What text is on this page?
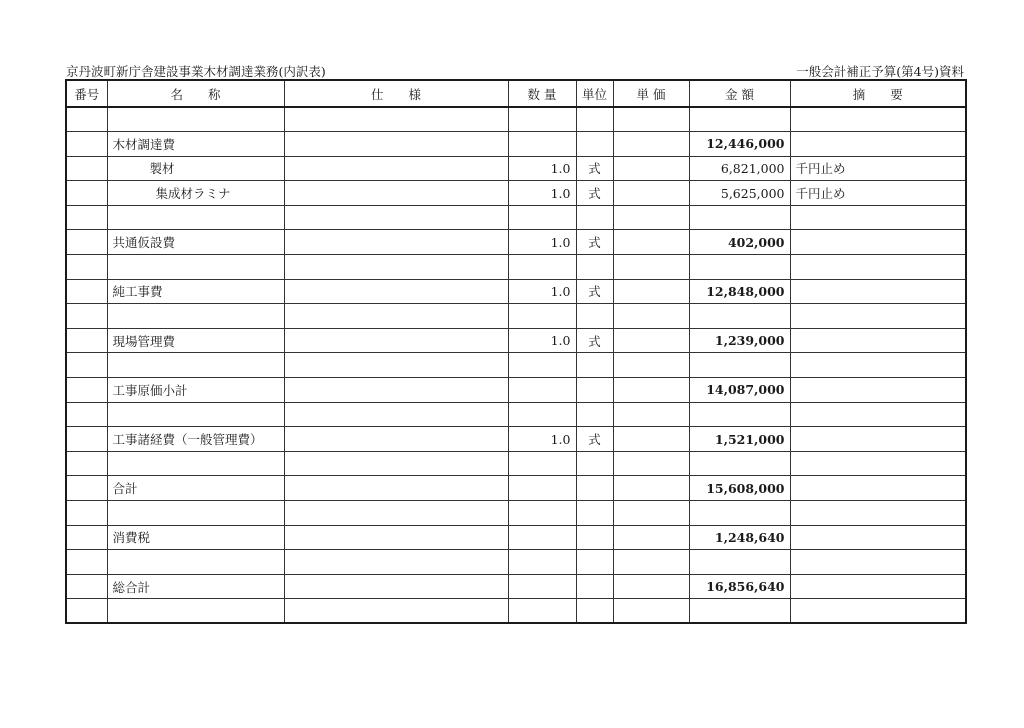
京丹波町新庁舎建設事業木材調達業務(内訳表)	一般会計補正予算(第4号)資料
番号	名　　称	仕　　様	数 量	単位	単 価	金 額	摘　　要

	木材調達費					12,446,000	
	製材		1.0	式		6,821,000	千円止め
	集成材ラミナ		1.0	式		5,625,000	千円止め

	共通仮設費		1.0	式		402,000	

	純工事費		1.0	式		12,848,000	

	現場管理費		1.0	式		1,239,000	

	工事原価小計					14,087,000	

	工事諸経費（一般管理費）		1.0	式		1,521,000	

	合計					15,608,000	

	消費税					1,248,640	

	総合計					16,856,640	
